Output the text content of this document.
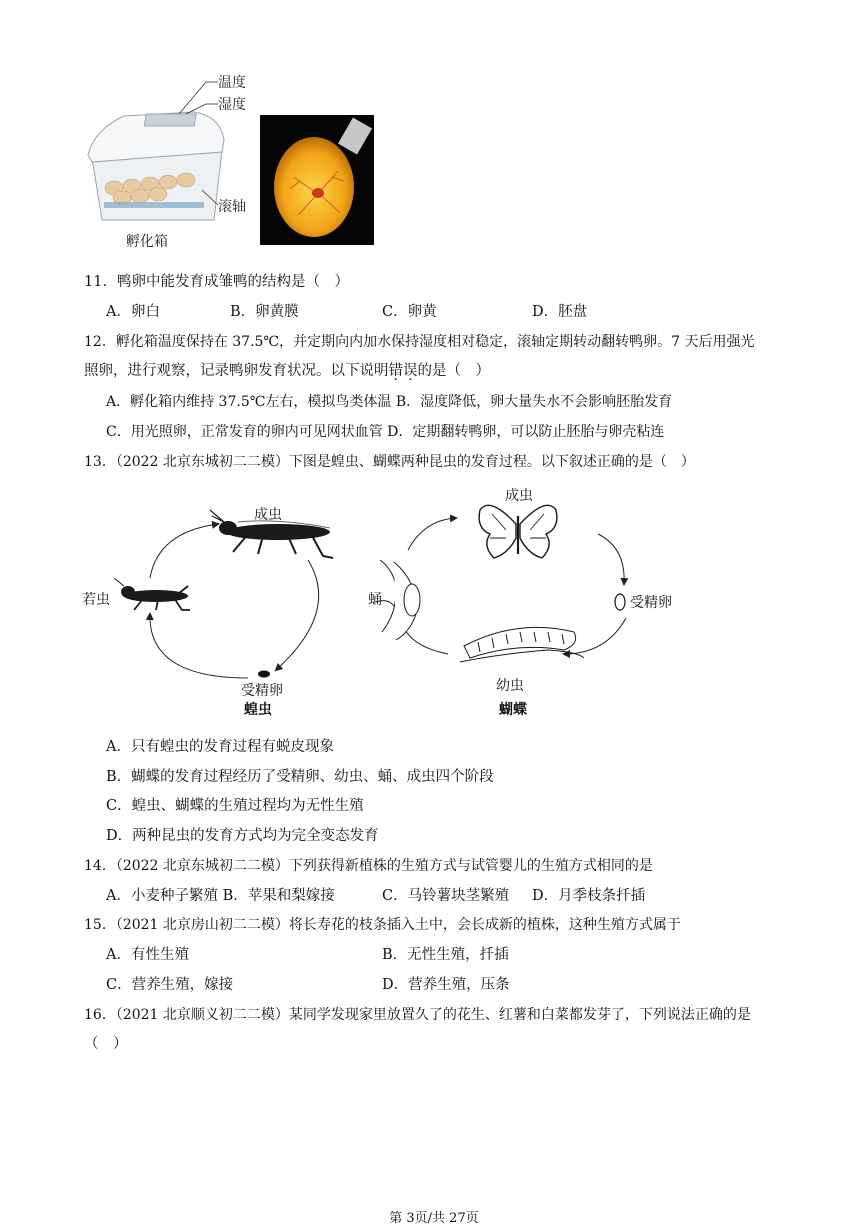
温度
湿度
滚轴
孵化箱
11．鸭卵中能发育成雏鸭的结构是（　）
A．卵白	B．卵黄膜	C．卵黄	D．胚盘
12．孵化箱温度保持在 37.5℃，并定期向内加水保持湿度相对稳定，滚轴定期转动翻转鸭卵。7 天后用强光
照卵，进行观察，记录鸭卵发育状况。以下说明错误的是（　）
A．孵化箱内维持 37.5℃左右，模拟鸟类体温 B．湿度降低，卵大量失水不会影响胚胎发育
C．用光照卵，正常发育的卵内可见网状血管 D．定期翻转鸭卵，可以防止胚胎与卵壳粘连
13．（2022 北京东城初二二模）下图是蝗虫、蝴蝶两种昆虫的发育过程。以下叙述正确的是（　）
成虫
若虫
受精卵
蝗虫
成虫
受精卵
蛹
幼虫
蝴蝶
A．只有蝗虫的发育过程有蜕皮现象
B．蝴蝶的发育过程经历了受精卵、幼虫、蛹、成虫四个阶段
C．蝗虫、蝴蝶的生殖过程均为无性生殖
D．两种昆虫的发育方式均为完全变态发育
14．（2022 北京东城初二二模）下列获得新植株的生殖方式与试管婴儿的生殖方式相同的是
A．小麦种子繁殖 B．苹果和梨嫁接	C．马铃薯块茎繁殖 D．月季枝条扦插
15．（2021 北京房山初二二模）将长寿花的枝条插入土中，会长成新的植株，这种生殖方式属于
A．有性生殖	B．无性生殖，扦插
C．营养生殖，嫁接	D．营养生殖，压条
16．（2021 北京顺义初二二模）某同学发现家里放置久了的花生、红薯和白菜都发芽了，下列说法正确的是
（　）
第 3页/共 27页
